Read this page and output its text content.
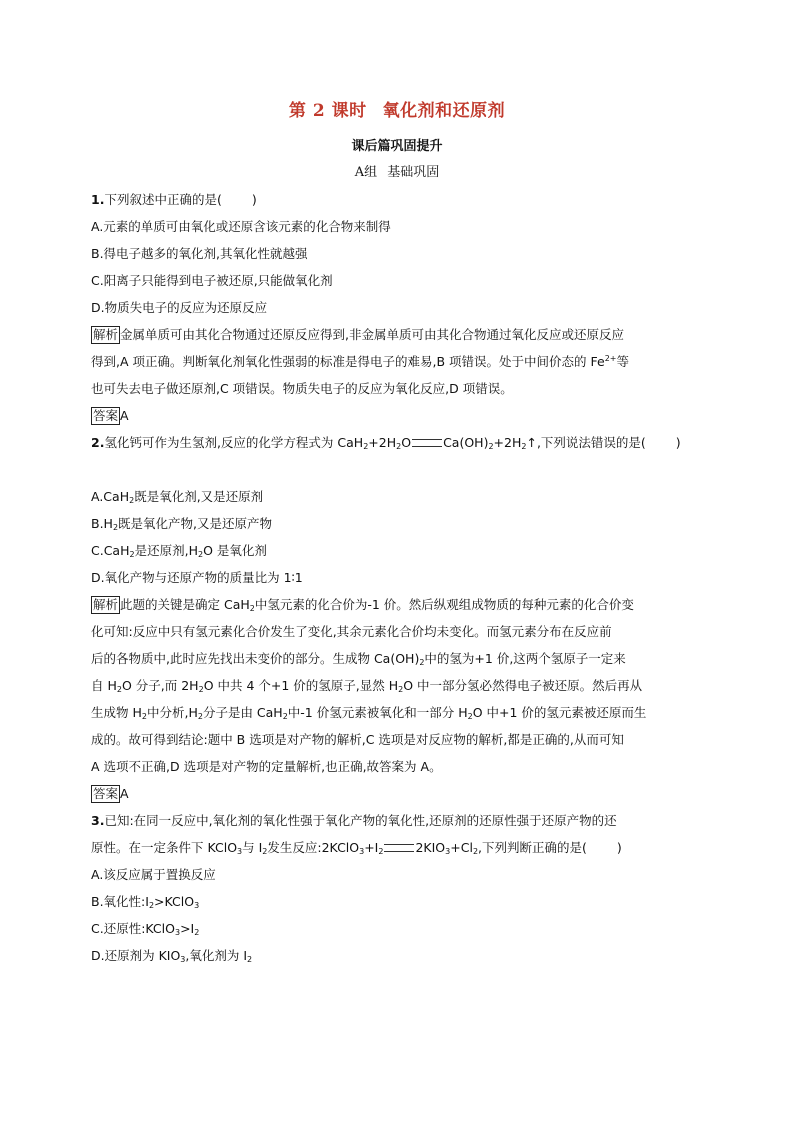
第 2 课时 氧化剂和还原剂
课后篇巩固提升
A组 基础巩固
1.下列叙述中正确的是( )
A.元素的单质可由氧化或还原含该元素的化合物来制得
B.得电子越多的氧化剂,其氧化性就越强
C.阳离子只能得到电子被还原,只能做氧化剂
D.物质失电子的反应为还原反应
解析 金属单质可由其化合物通过还原反应得到,非金属单质可由其化合物通过氧化反应或还原反应
得到,A 项正确。判断氧化剂氧化性强弱的标准是得电子的难易,B 项错误。处于中间价态的 $Fe^{2+}$等
也可失去电子做还原剂,C 项错误。物质失电子的反应为氧化反应,D 项错误。
答案 A
2.氢化钙可作为生氢剂,反应的化学方程式为 $CaH_2+2H_2O$	$Ca(OH)_2+2H_2↑$,下列说法错误的是( )
A.CaH$_2$既是氧化剂,又是还原剂
$B.H_2$既是氧化产物,又是还原产物
C.CaH$_2$是还原剂$,H_2O$ 是氧化剂
D.氧化产物与还原产物的质量比为 1∶1
解析 此题的关键是确定 CaH$_2$中氢元素的化合价为-1 价。然后纵观组成物质的每种元素的化合价变
化可知:反应中只有氢元素化合价发生了变化,其余元素化合价均未变化。而氢元素分布在反应前
后的各物质中,此时应先找出未变价的部分。生成物 $Ca(OH)_2$中的氢为+1 价,这两个氢原子一定来
自 $H_2O$ 分子,而 $2H_2O$ 中共 4 个+1 价的氢原子,显然 $H_2O$ 中一部分氢必然得电子被还原。然后再从
生成物 $H_2$中分析$,H_2$分子是由 CaH$_2$中-1 价氢元素被氧化和一部分 $H_2O$ 中+1 价的氢元素被还原而生
成的。故可得到结论:题中 B 选项是对产物的解析,C 选项是对反应物的解析,都是正确的,从而可知
A 选项不正确,D 选项是对产物的定量解析,也正确,故答案为 A。
答案 A
3.已知:在同一反应中,氧化剂的氧化性强于氧化产物的氧化性,还原剂的还原性强于还原产物的还
原性。在一定条件下 KClO$_3$与 $I_2$发生反应$:2KClO_3+I_2$	$2KIO_3+Cl_2$,下列判断正确的是( )
A.该反应属于置换反应
B.氧化性$:I_2>KClO_3$
C.还原性$:KClO_3>I_2$
D.还原剂为 $KIO_3$,氧化剂为 $I_2$
